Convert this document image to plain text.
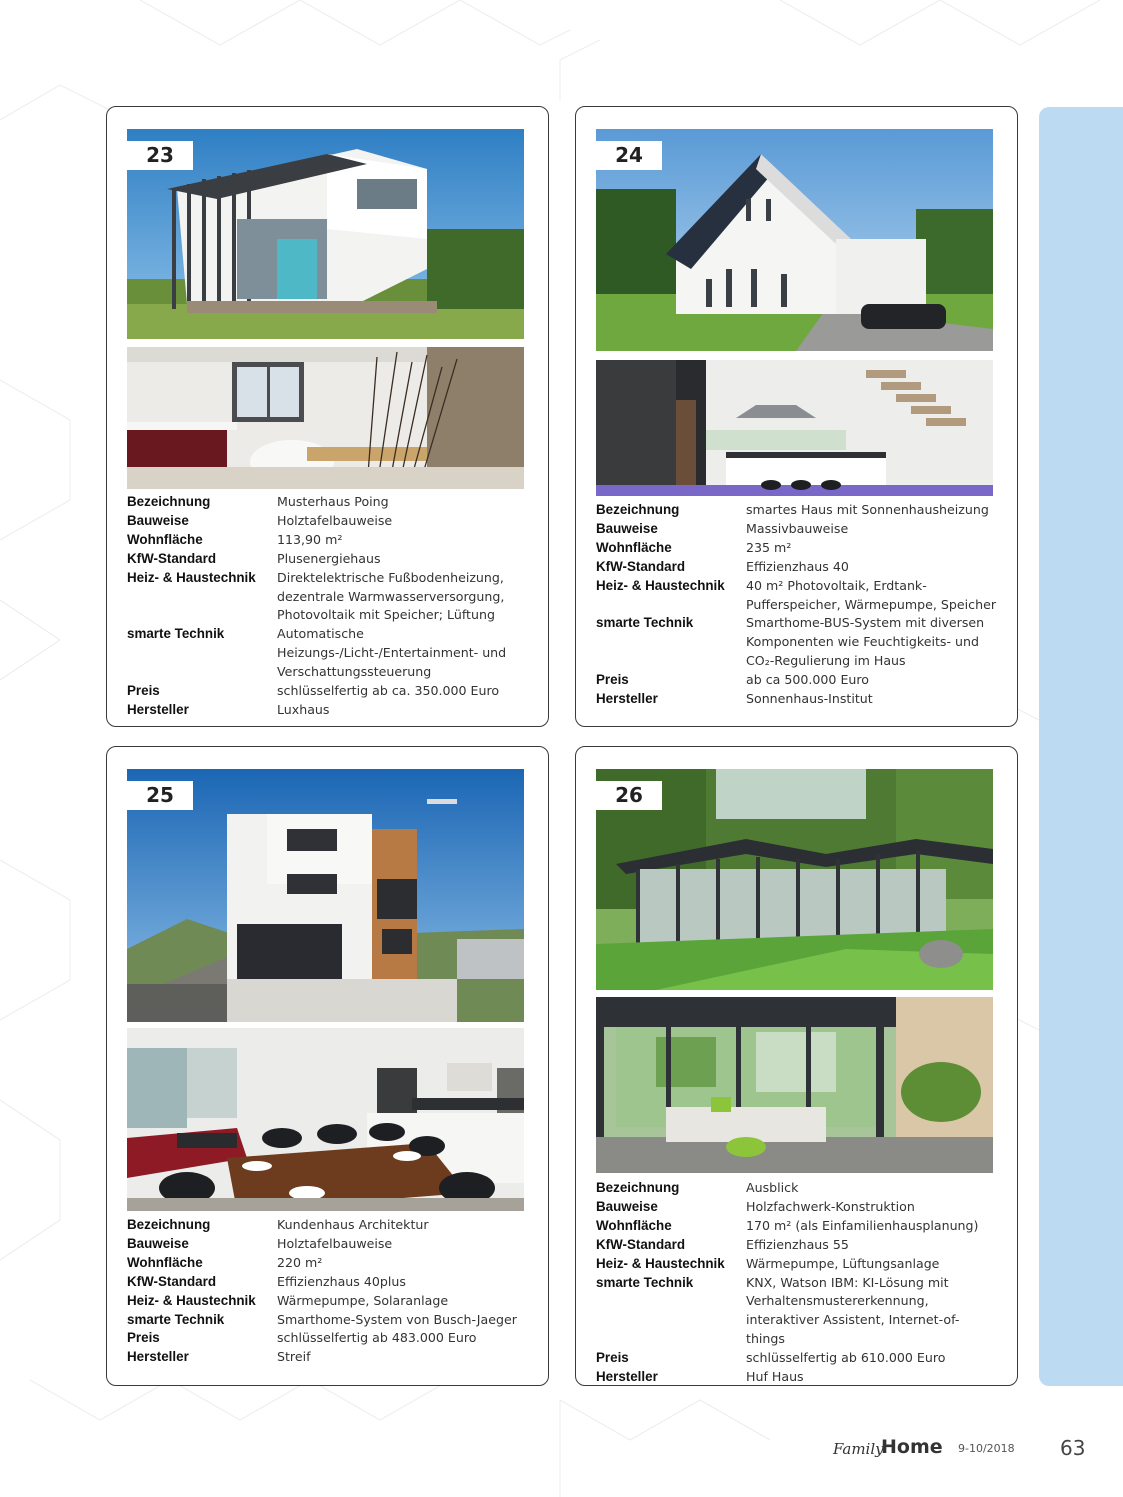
23
Bezeichnung	Musterhaus Poing
Bauweise	Holztafelbauweise
Wohnfläche	113,90 m²
KfW-Standard	Plusenergiehaus
Heiz- & Haustechnik	Direktelektrische Fußbodenheizung, dezentrale Warmwasserversorgung, Photovoltaik mit Speicher; Lüftung
smarte Technik	Automatische Heizungs-/Licht-/Entertainment- und Verschattungssteuerung
Preis	schlüsselfertig ab ca. 350.000 Euro
Hersteller	Luxhaus
24
Bezeichnung	smartes Haus mit Sonnenhausheizung
Bauweise	Massivbauweise
Wohnfläche	235 m²
KfW-Standard	Effizienzhaus 40
Heiz- & Haustechnik	40 m² Photovoltaik, Erdtank-Pufferspeicher, Wärmepumpe, Speicher
smarte Technik	Smarthome-BUS-System mit diversen Komponenten wie Feuchtigkeits- und CO₂-Regulierung im Haus
Preis	ab ca 500.000 Euro
Hersteller	Sonnenhaus-Institut
25
Bezeichnung	Kundenhaus Architektur
Bauweise	Holztafelbauweise
Wohnfläche	220 m²
KfW-Standard	Effizienzhaus 40plus
Heiz- & Haustechnik	Wärmepumpe, Solaranlage
smarte Technik	Smarthome-System von Busch-Jaeger
Preis	schlüsselfertig ab 483.000 Euro
Hersteller	Streif
26
Bezeichnung	Ausblick
Bauweise	Holzfachwerk-Konstruktion
Wohnfläche	170 m² (als Einfamilienhausplanung)
KfW-Standard	Effizienzhaus 55
Heiz- & Haustechnik	Wärmepumpe, Lüftungsanlage
smarte Technik	KNX, Watson IBM: KI-Lösung mit Verhaltensmustererkennung, interaktiver Assistent, Internet-of-things
Preis	schlüsselfertig ab 610.000 Euro
Hersteller	Huf Haus
Family
Home 9-10/2018 63
